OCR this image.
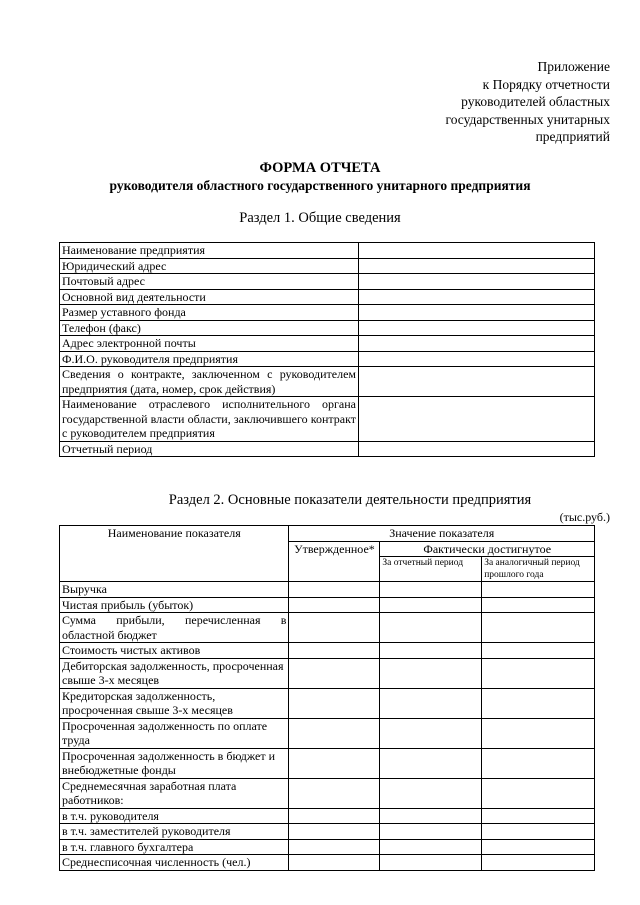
Приложение
к Порядку отчетности
руководителей областных
государственных унитарных
предприятий
ФОРМА ОТЧЕТА
руководителя областного государственного унитарного предприятия
Раздел 1. Общие сведения
Наименование предприятия	
Юридический адрес	
Почтовый адрес	
Основной вид деятельности	
Размер уставного фонда	
Телефон (факс)	
Адрес электронной почты	
Ф.И.О. руководителя предприятия	
Сведения о контракте, заключенном с руководителем предприятия (дата, номер, срок действия)	
Наименование отраслевого исполнительного органа государственной власти области, заключившего контракт с руководителем предприятия	
Отчетный период	
Раздел 2. Основные показатели деятельности предприятия
(тыс.руб.)
Наименование показателя	Значение показателя		
	Утвержденное*	Фактически достигнутое	
		За отчетный период	За аналогичный период прошлого года
Выручка			
Чистая прибыль (убыток)			
Сумма прибыли, перечисленная в областной бюджет			
Стоимость чистых активов			
Дебиторская задолженность, просроченная свыше 3-х месяцев			
Кредиторская задолженность, просроченная свыше 3-х месяцев			
Просроченная задолженность по оплате труда			
Просроченная задолженность в бюджет и внебюджетные фонды			
Среднемесячная заработная плата работников:			
в т.ч. руководителя			
в т.ч. заместителей руководителя			
в т.ч. главного бухгалтера			
Среднесписочная численность (чел.)			
